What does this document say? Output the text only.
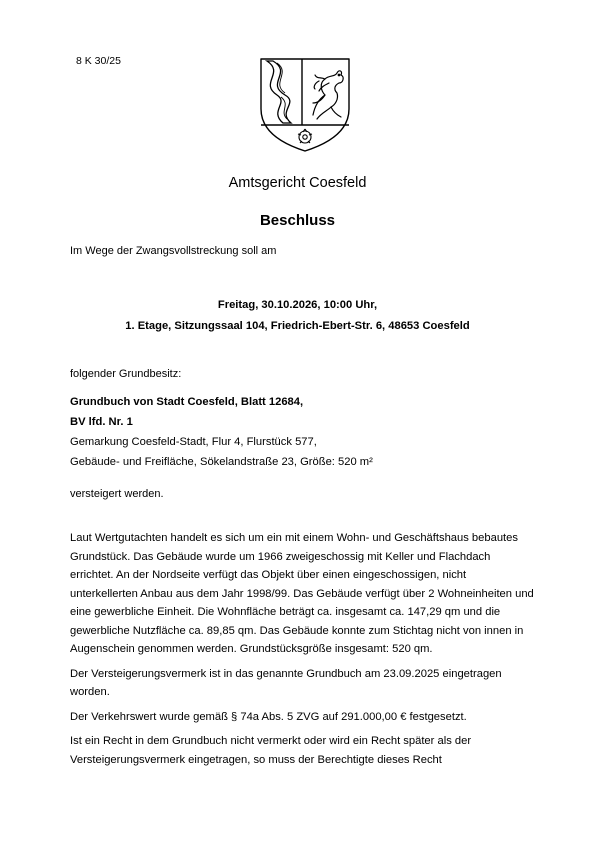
8 K 30/25
Amtsgericht Coesfeld
Beschluss
Im Wege der Zwangsvollstreckung soll am
Freitag, 30.10.2026, 10:00 Uhr,
1. Etage, Sitzungssaal 104, Friedrich-Ebert-Str. 6, 48653 Coesfeld
folgender Grundbesitz:
Grundbuch von Stadt Coesfeld, Blatt 12684,
BV lfd. Nr. 1
Gemarkung Coesfeld-Stadt, Flur 4, Flurstück 577,
Gebäude- und Freifläche, Sökelandstraße 23, Größe: 520 m²
versteigert werden.

Laut Wertgutachten handelt es sich um ein mit einem Wohn- und Geschäftshaus bebautes Grundstück. Das Gebäude wurde um 1966 zweigeschossig mit Keller und Flachdach errichtet. An der Nordseite verfügt das Objekt über einen eingeschossigen, nicht unterkellerten Anbau aus dem Jahr 1998/99. Das Gebäude verfügt über 2 Wohneinheiten und eine gewerbliche Einheit. Die Wohnfläche beträgt ca. insgesamt ca. 147,29 qm und die gewerbliche Nutzfläche ca. 89,85 qm. Das Gebäude konnte zum Stichtag nicht von innen in Augenschein genommen werden. Grundstücksgröße insgesamt: 520 qm.

Der Versteigerungsvermerk ist in das genannte Grundbuch am 23.09.2025 eingetragen worden.

Der Verkehrswert wurde gemäß § 74a Abs. 5 ZVG auf 291.000,00 € festgesetzt.

Ist ein Recht in dem Grundbuch nicht vermerkt oder wird ein Recht später als der Versteigerungsvermerk eingetragen, so muss der Berechtigte dieses Recht
